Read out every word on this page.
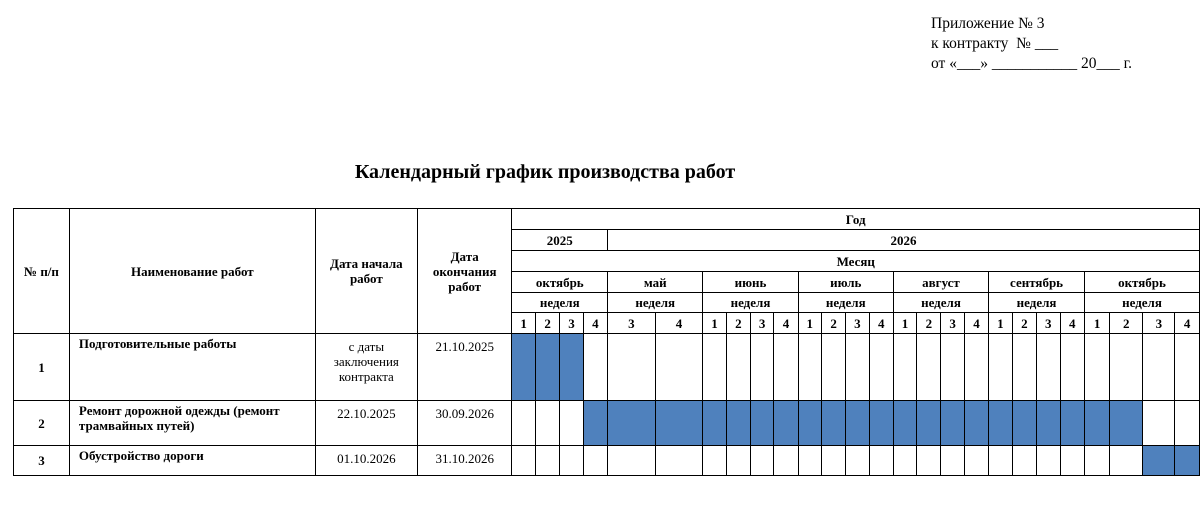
Приложение № 3
к контракту  № ___
от «___» ___________ 20___ г.
Календарный график производства работ
№ п/п	Наименование работ	Дата начала работ	Дата окончания работ	Год																									
				2025				2026																					
				Месяц																									
				октябрь				май		июнь				июль				август				сентябрь				октябрь			
				неделя				неделя		неделя				неделя				неделя				неделя				неделя			
				1	2	3	4	3	4	1	2	3	4	1	2	3	4	1	2	3	4	1	2	3	4	1	2	3	4
1	Подготовительные работы	с даты заключения контракта	21.10.2025																										
2	Ремонт дорожной одежды (ремонт трамвайных путей)	22.10.2025	30.09.2026																										
3	Обустройство дороги	01.10.2026	31.10.2026																										
